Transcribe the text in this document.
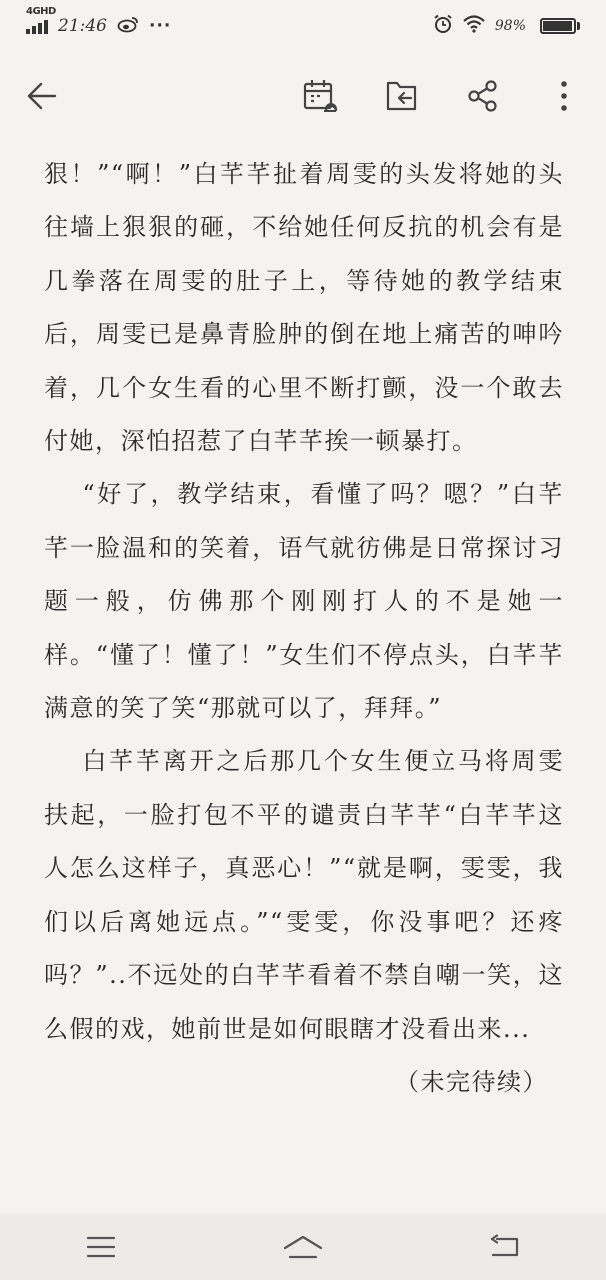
4GHD
21:46 ···	98%

狠！”“啊！”白芊芊扯着周雯的头发将她的头往墙上狠狠的砸，不给她任何反抗的机会有是几拳落在周雯的肚子上，等待她的教学结束后，周雯已是鼻青脸肿的倒在地上痛苦的呻吟着，几个女生看的心里不断打颤，没一个敢去付她，深怕招惹了白芊芊挨一顿暴打。

“好了，教学结束，看懂了吗？嗯？”白芊芊一脸温和的笑着，语气就彷佛是日常探讨习题一般，仿佛那个刚刚打人的不是她一样。“懂了！懂了！”女生们不停点头，白芊芊满意的笑了笑“那就可以了，拜拜。”

白芊芊离开之后那几个女生便立马将周雯扶起，一脸打包不平的谴责白芊芊“白芊芊这人怎么这样子，真恶心！”“就是啊，雯雯，我们以后离她远点。”“雯雯，你没事吧？还疼吗？”..不远处的白芊芊看着不禁自嘲一笑，这么假的戏，她前世是如何眼瞎才没看出来...

（未完待续）
